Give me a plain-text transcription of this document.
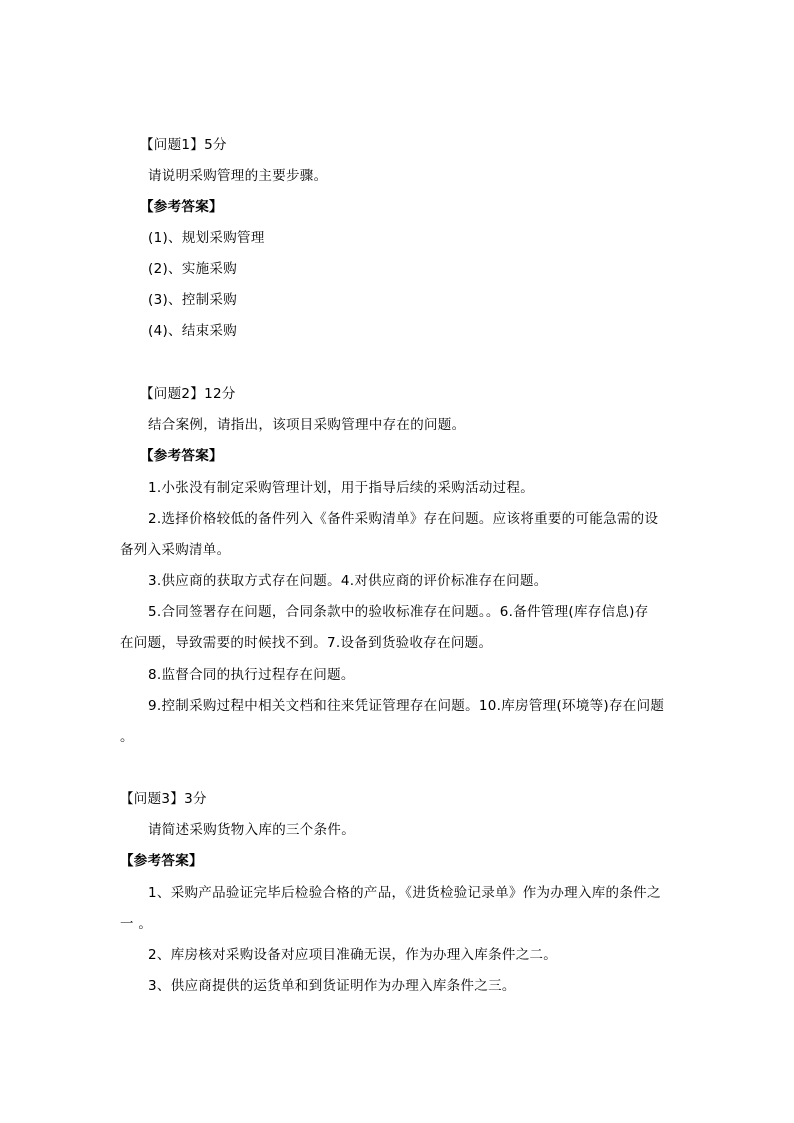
【问题1】5分
请说明采购管理的主要步骤。
【参考答案】
(1)、规划采购管理
(2)、实施采购
(3)、控制采购
(4)、结束采购
【问题2】12分
结合案例，请指出，该项目采购管理中存在的问题。
【参考答案】
1.小张没有制定采购管理计划，用于指导后续的采购活动过程。
2.选择价格较低的备件列入《备件采购清单》存在问题。应该将重要的可能急需的设
备列入采购清单。
3.供应商的获取方式存在问题。4.对供应商的评价标准存在问题。
5.合同签署存在问题，合同条款中的验收标准存在问题。。6.备件管理(库存信息)存
在问题，导致需要的时候找不到。7.设备到货验收存在问题。
8.监督合同的执行过程存在问题。
9.控制采购过程中相关文档和往来凭证管理存在问题。10.库房管理(环境等)存在问题
。
【问题3】3分
请简述采购货物入库的三个条件。
【参考答案】
1、采购产品验证完毕后检验合格的产品，《进货检验记录单》作为办理入库的条件之
一 。
2、库房核对采购设备对应项目准确无误，作为办理入库条件之二。
3、供应商提供的运货单和到货证明作为办理入库条件之三。
